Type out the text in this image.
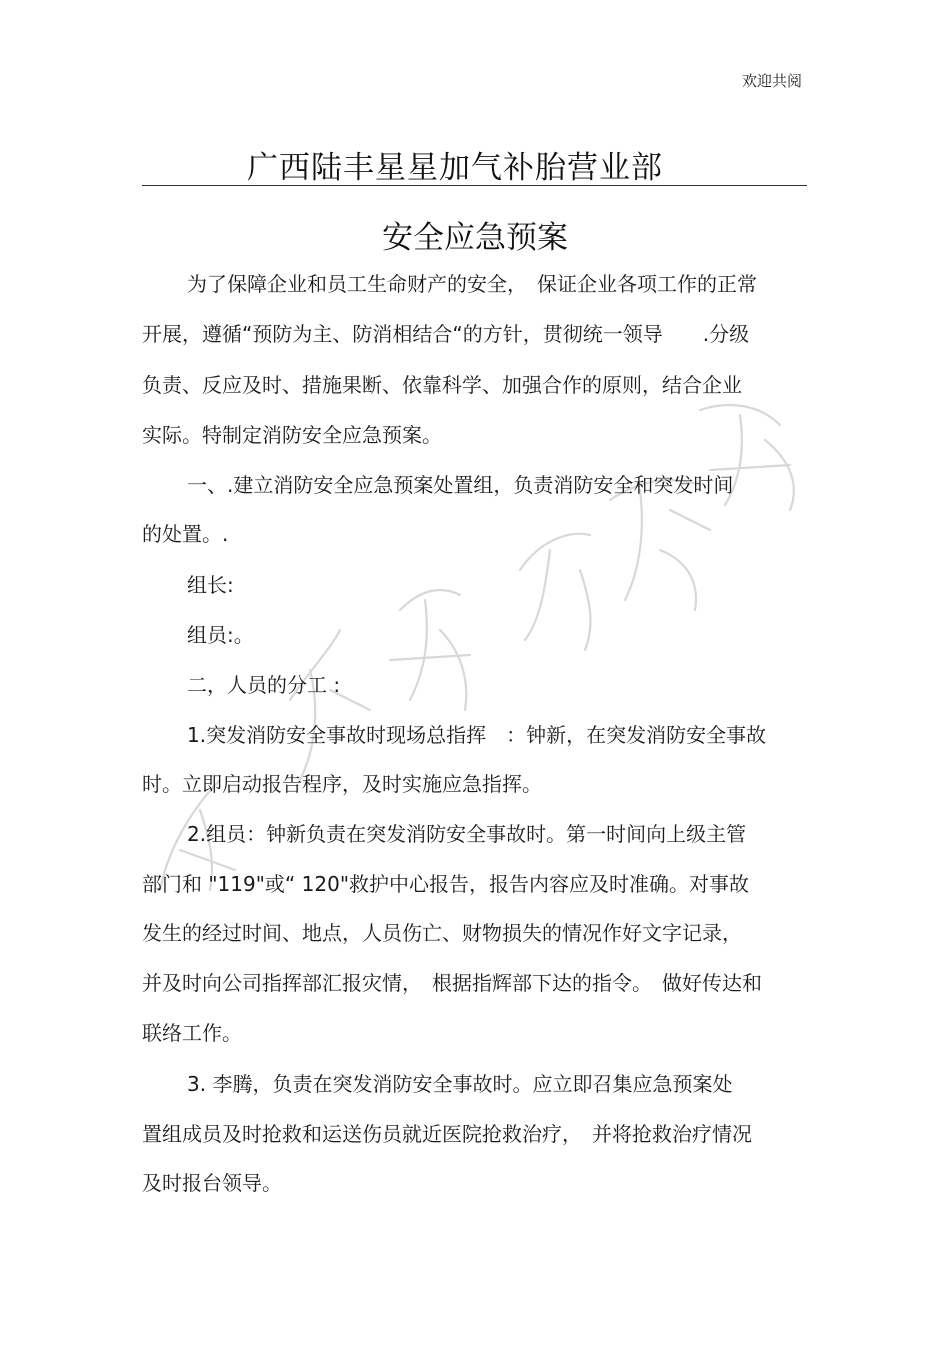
欢迎共阅
广西陆丰星星加气补胎营业部
安全应急预案
为了保障企业和员工生命财产的安全，　保证企业各项工作的正常
开展，遵循“预防为主、防消相结合“的方针，贯彻统一领导　　.分级
负责、反应及时、措施果断、依靠科学、加强合作的原则，结合企业
实际。特制定消防安全应急预案。
一、.建立消防安全应急预案处置组，负责消防安全和突发时间
的处置。.
组长:
组员:。
二，人员的分工 :
1.突发消防安全事故时现场总指挥　：钟新，在突发消防安全事故
时。立即启动报告程序，及时实施应急指挥。
2.组员：钟新负责在突发消防安全事故时。第一时间向上级主管
部门和 "119"或“ 120"救护中心报告，报告内容应及时准确。对事故
发生的经过时间、地点，人员伤亡、财物损失的情况作好文字记录，
并及时向公司指挥部汇报灾情，　根据指辉部下达的指令。　做好传达和
联络工作。
3. 李腾，负责在突发消防安全事故时。应立即召集应急预案处
置组成员及时抢救和运送伤员就近医院抢救治疗，　并将抢救治疗情况
及时报台领导。
